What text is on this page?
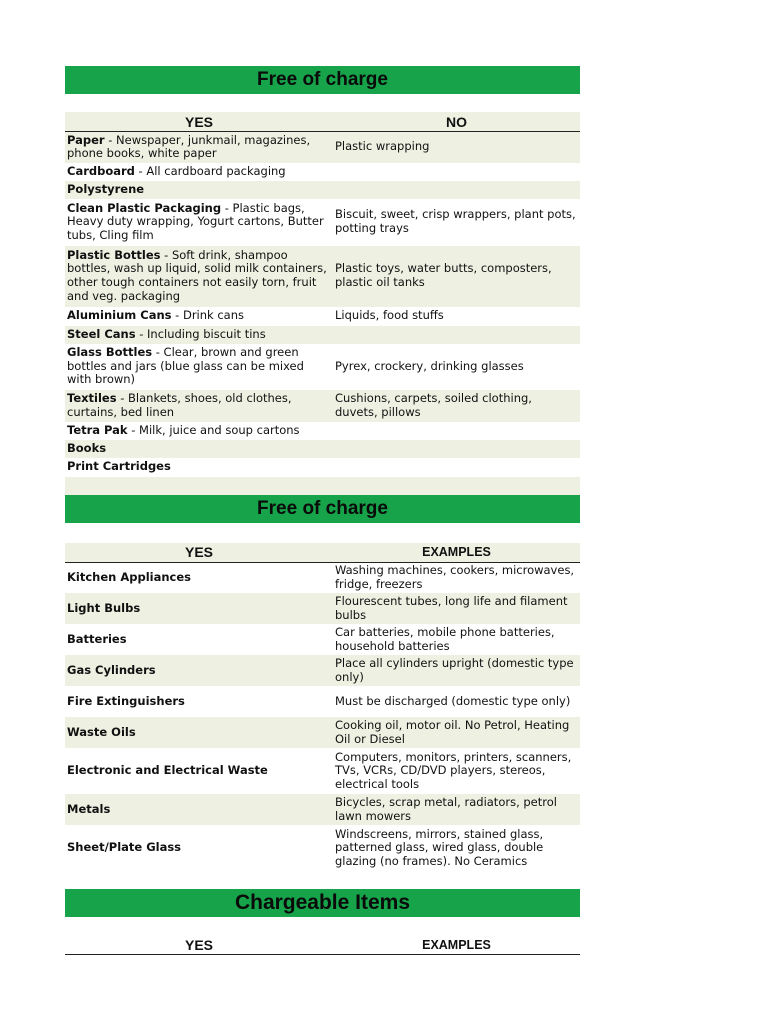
Free of charge
YES	NO
Paper - Newspaper, junkmail, magazines, phone books, white paper	Plastic wrapping
Cardboard - All cardboard packaging	
Polystyrene	
Clean Plastic Packaging - Plastic bags, Heavy duty wrapping, Yogurt cartons, Butter tubs, Cling film	Biscuit, sweet, crisp wrappers, plant pots, potting trays
Plastic Bottles - Soft drink, shampoo bottles, wash up liquid, solid milk containers, other tough containers not easily torn, fruit and veg. packaging	Plastic toys, water butts, composters, plastic oil tanks
Aluminium Cans - Drink cans	Liquids, food stuffs
Steel Cans - Including biscuit tins	
Glass Bottles - Clear, brown and green bottles and jars (blue glass can be mixed with brown)	Pyrex, crockery, drinking glasses
Textiles - Blankets, shoes, old clothes, curtains, bed linen	Cushions, carpets, soiled clothing, duvets, pillows
Tetra Pak - Milk, juice and soup cartons	
Books	
Print Cartridges	

Free of charge
YES	EXAMPLES
Kitchen Appliances	Washing machines, cookers, microwaves, fridge, freezers
Light Bulbs	Flourescent tubes, long life and filament bulbs
Batteries	Car batteries, mobile phone batteries, household batteries
Gas Cylinders	Place all cylinders upright (domestic type only)
Fire Extinguishers	Must be discharged (domestic type only)
Waste Oils	Cooking oil, motor oil. No Petrol, Heating Oil or Diesel
Electronic and Electrical Waste	Computers, monitors, printers, scanners, TVs, VCRs, CD/DVD players, stereos, electrical tools
Metals	Bicycles, scrap metal, radiators, petrol lawn mowers
Sheet/Plate Glass	Windscreens, mirrors, stained glass, patterned glass, wired glass, double glazing (no frames). No Ceramics
Chargeable Items
YES	EXAMPLES
